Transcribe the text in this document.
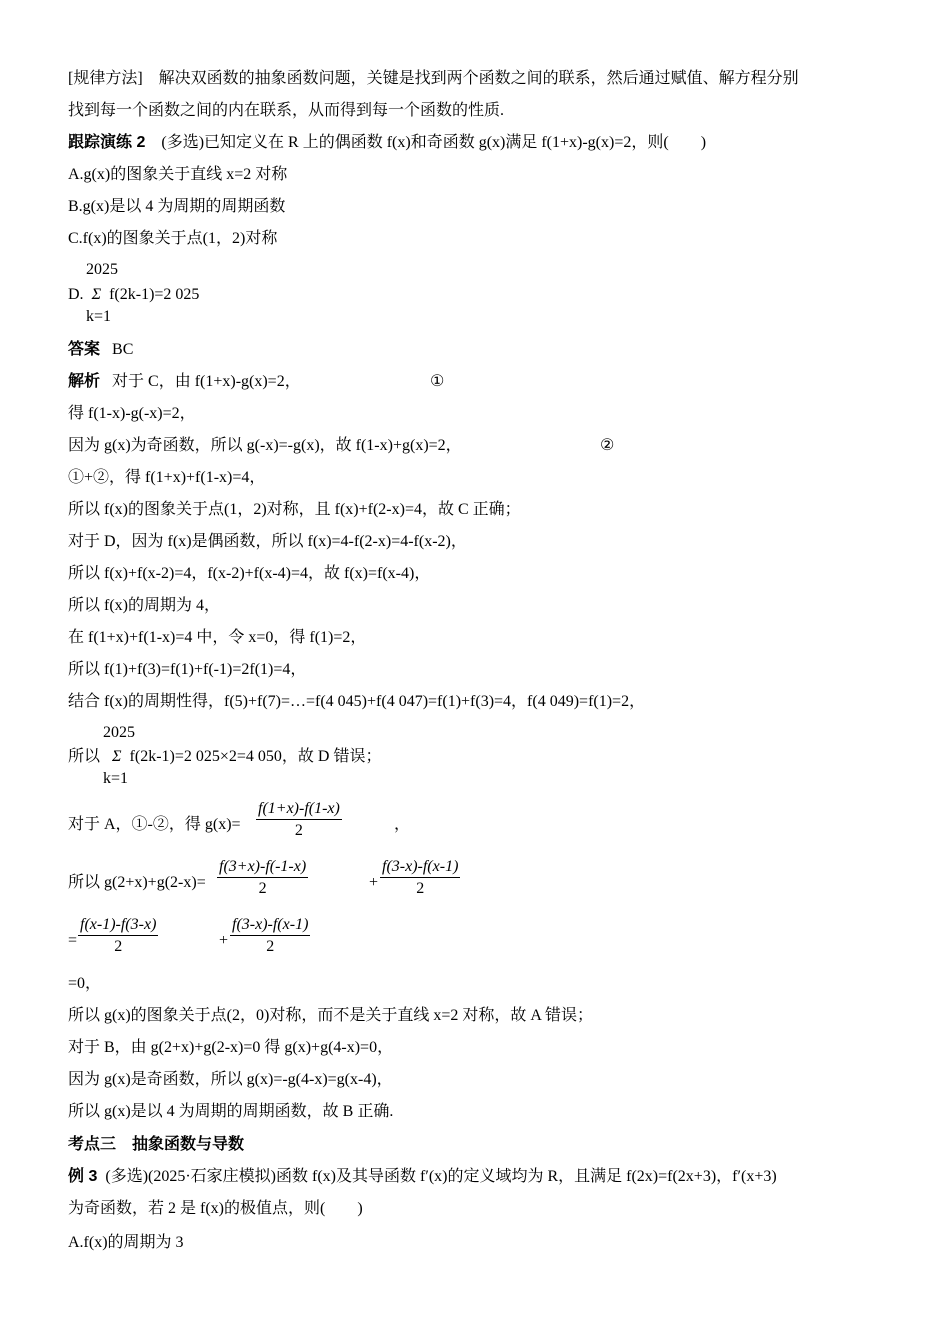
[规律方法]　解决双函数的抽象函数问题，关键是找到两个函数之间的联系，然后通过赋值、解方程分别
找到每一个函数之间的内在联系，从而得到每一个函数的性质.
跟踪演练 2　 (多选)已知定义在 R 上的偶函数 f(x)和奇函数 g(x)满足 f(1+x)-g(x)=2，则(　　)
A.g(x)的图象关于直线 x=2 对称
B.g(x)是以 4 为周期的周期函数
C.f(x)的图象关于点(1，2)对称
2025
D. Σ f(2k-1)=2 025
k=1
答案 BC
解析 对于 C，由 f(1+x)-g(x)=2，	①
得 f(1-x)-g(-x)=2，
因为 g(x)为奇函数，所以 g(-x)=-g(x)，故 f(1-x)+g(x)=2，	②
①+②，得 f(1+x)+f(1-x)=4，
所以 f(x)的图象关于点(1，2)对称，且 f(x)+f(2-x)=4，故 C 正确；
对于 D，因为 f(x)是偶函数，所以 f(x)=4-f(2-x)=4-f(x-2)，
所以 f(x)+f(x-2)=4，f(x-2)+f(x-4)=4，故 f(x)=f(x-4)，
所以 f(x)的周期为 4，
在 f(1+x)+f(1-x)=4 中，令 x=0，得 f(1)=2，
所以 f(1)+f(3)=f(1)+f(-1)=2f(1)=4，
结合 f(x)的周期性得，f(5)+f(7)=…=f(4 045)+f(4 047)=f(1)+f(3)=4，f(4 049)=f(1)=2，
2025
所以 Σ f(2k-1)=2 025×2=4 050，故 D 错误；
k=1
对于 A，①-②，得 $g(x)= \frac{f(1+x)-f(1-x)}{2}$	，
所以 $g(2+x)+g(2-x)= \frac{f(3+x)-f(-1-x)}{2}$	+ $\frac{f(3-x)-f(x-1)}{2}$
= $\frac{f(x-1)-f(3-x)}{2}$	+ $\frac{f(3-x)-f(x-1)}{2}$
=0，
所以 g(x)的图象关于点(2，0)对称，而不是关于直线 x=2 对称，故 A 错误；
对于 B，由 g(2+x)+g(2-x)=0 得 g(x)+g(4-x)=0，
因为 g(x)是奇函数，所以 g(x)=-g(4-x)=g(x-4)，
所以 g(x)是以 4 为周期的周期函数，故 B 正确.
考点三　抽象函数与导数
例 3 (多选)(2025·石家庄模拟)函数 f(x)及其导函数 f′(x)的定义域均为 R，且满足 f(2x)=f(2x+3)，f′(x+3)
为奇函数，若 2 是 f(x)的极值点，则(　　)
A.f(x)的周期为 3
